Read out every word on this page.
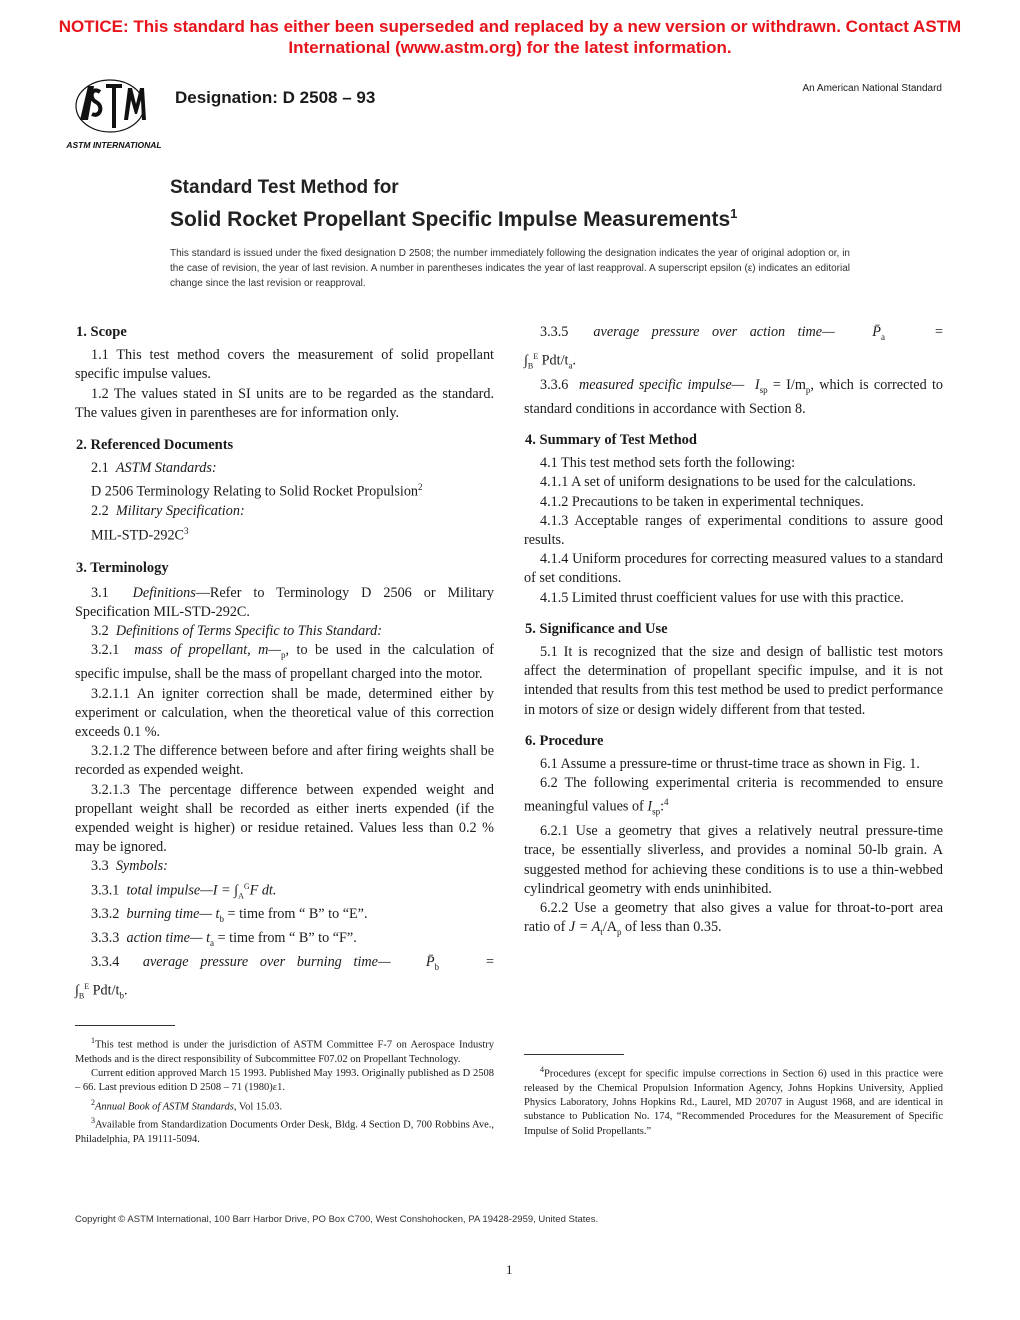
NOTICE: This standard has either been superseded and replaced by a new version or withdrawn. Contact ASTM International (www.astm.org) for the latest information.
ASTM INTERNATIONAL
Designation: D 2508 – 93	An American National Standard
Standard Test Method for
Solid Rocket Propellant Specific Impulse Measurements$^1$
This standard is issued under the fixed designation D 2508; the number immediately following the designation indicates the year of original adoption or, in the case of revision, the year of last revision. A number in parentheses indicates the year of last reapproval. A superscript epsilon (ε) indicates an editorial change since the last revision or reapproval.
1. Scope

1.1 This test method covers the measurement of solid propellant specific impulse values.

1.2 The values stated in SI units are to be regarded as the standard. The values given in parentheses are for information only.

2. Referenced Documents

2.1 ASTM Standards:

D 2506 Terminology Relating to Solid Rocket Propulsion$^2$

2.2 Military Specification:

MIL-$STD-292C^3$

3. Terminology

3.1 Definitions—Refer to Terminology D 2506 or Military Specification MIL-STD-292C.

3.2 Definitions of Terms Specific to This Standard:

3.2.1 mass of propellant, $m—_p$, to be used in the calculation of specific impulse, shall be the mass of propellant charged into the motor.

3.2.1.1 An igniter correction shall be made, determined either by experiment or calculation, when the theoretical value of this correction exceeds 0.1 %.

3.2.1.2 The difference between before and after firing weights shall be recorded as expended weight.

3.2.1.3 The percentage difference between expended weight and propellant weight shall be recorded as either inerts expended (if the expended weight is higher) or residue retained. Values less than 0.2 % may be ignored.

3.3 Symbols:

3.3.1 total impulse—I = $\int_A^GF$ dt.

3.3.2 burning time— $t_b$ = time from “ B” to “E”.

3.3.3 action time— $t_a$ = time from “ B” to “F”.

3.3.4 average pressure over burning time— $P̄_b$	=

$\int_B^E$ Pdt/$t_b$.

$^1$This test method is under the jurisdiction of ASTM Committee F-7 on Aerospace Industry Methods and is the direct responsibility of Subcommittee F07.02 on Propellant Technology.

Current edition approved March 15 1993. Published May 1993. Originally published as D 2508 – 66. Last previous edition D 2508 – 71 (1980)ε1.

$^2$Annual Book of ASTM Standards, Vol 15.03.

$^3$Available from Standardization Documents Order Desk, Bldg. 4 Section D, 700 Robbins Ave., Philadelphia, PA 19111-5094.

3.3.5 average pressure over action time—	$P̄_a$	=

$\int_B^E$ Pdt/$t_a$.

3.3.6 measured specific impulse— $I_{sp} = I/m_p$, which is corrected to standard conditions in accordance with Section 8.

4. Summary of Test Method

4.1 This test method sets forth the following:

4.1.1 A set of uniform designations to be used for the calculations.

4.1.2 Precautions to be taken in experimental techniques.

4.1.3 Acceptable ranges of experimental conditions to assure good results.

4.1.4 Uniform procedures for correcting measured values to a standard of set conditions.

4.1.5 Limited thrust coefficient values for use with this practice.

5. Significance and Use

5.1 It is recognized that the size and design of ballistic test motors affect the determination of propellant specific impulse, and it is not intended that results from this test method be used to predict performance in motors of size or design widely different from that tested.

6. Procedure

6.1 Assume a pressure-time or thrust-time trace as shown in Fig. 1.

6.2 The following experimental criteria is recommended to ensure meaningful values of $I_{sp}:^4$

6.2.1 Use a geometry that gives a relatively neutral pressure-time trace, be essentially sliverless, and provides a nominal 50-lb grain. A suggested method for achieving these conditions is to use a thin-webbed cylindrical geometry with ends uninhibited.

6.2.2 Use a geometry that also gives a value for throat-to-port area ratio of $J = A_t/A_p$ of less than 0.35.

$^4$Procedures (except for specific impulse corrections in Section 6) used in this practice were released by the Chemical Propulsion Information Agency, Johns Hopkins University, Applied Physics Laboratory, Johns Hopkins Rd., Laurel, MD 20707 in August 1968, and are identical in substance to Publication No. 174, “Recommended Procedures for the Measurement of Specific Impulse of Solid Propellants.”

Copyright © ASTM International, 100 Barr Harbor Drive, PO Box C700, West Conshohocken, PA 19428-2959, United States.
1
